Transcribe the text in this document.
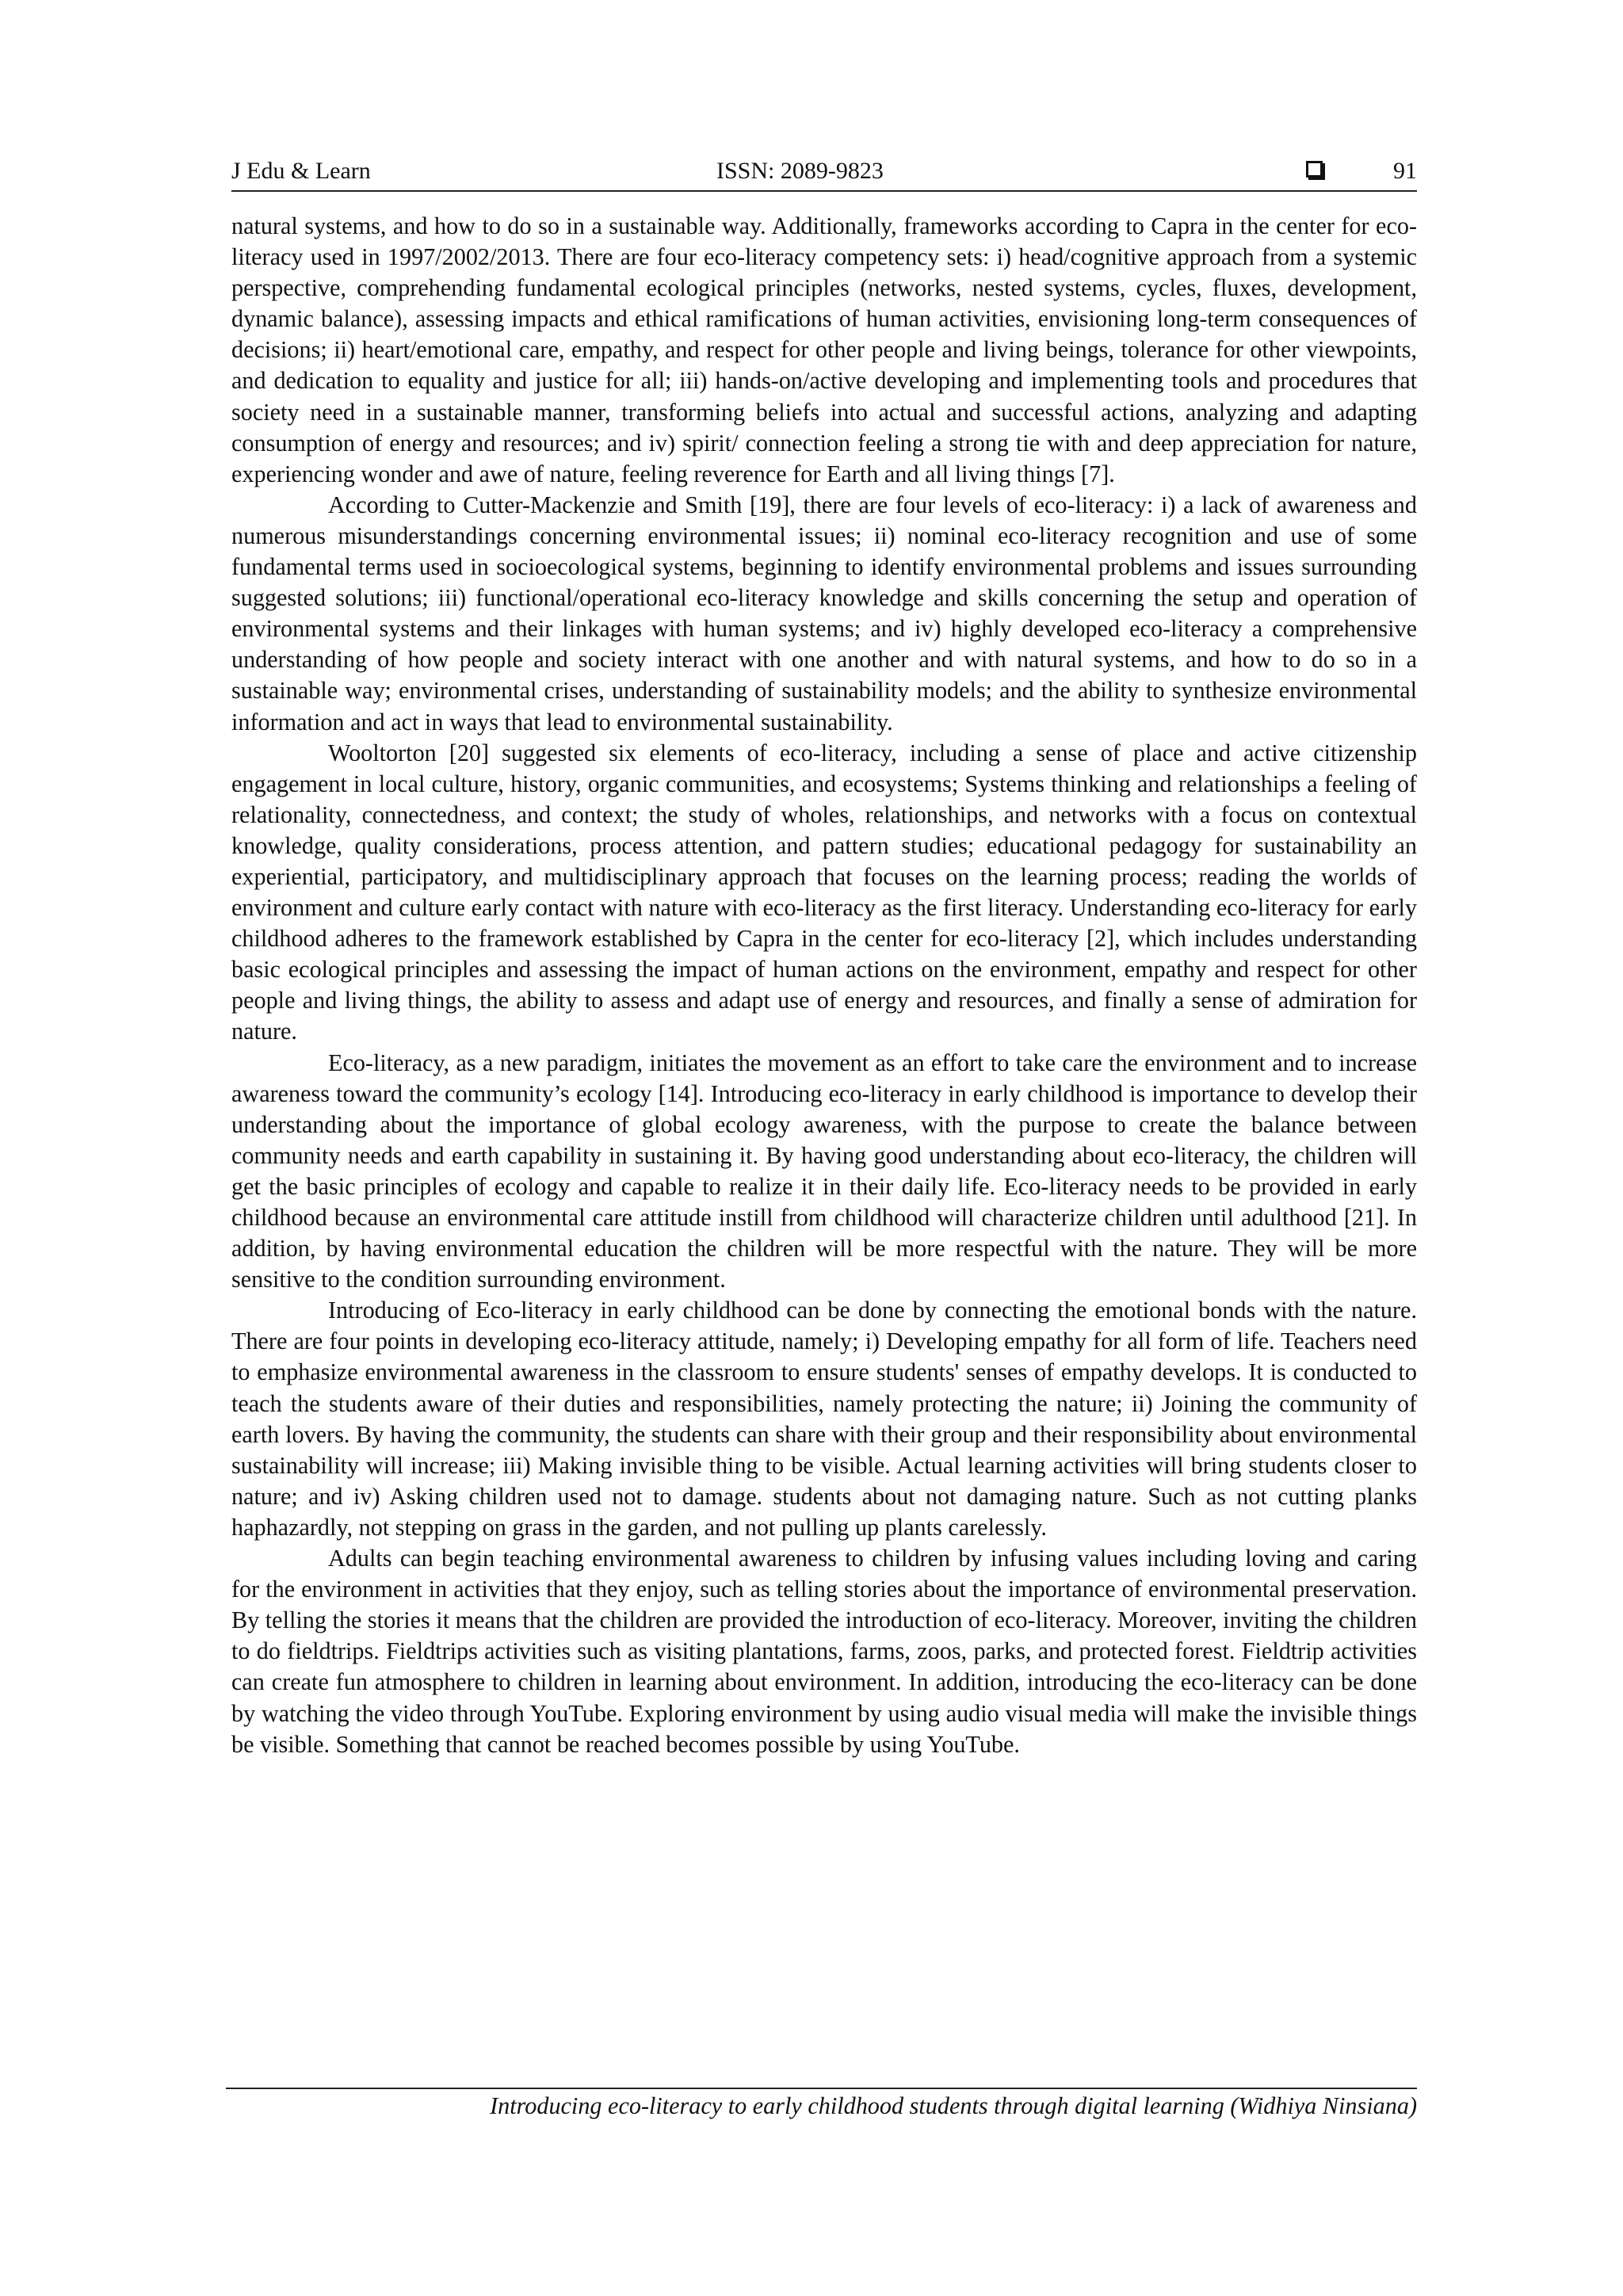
J Edu & Learn	ISSN: 2089-9823	91

natural systems, and how to do so in a sustainable way. Additionally, frameworks according to Capra in the center for eco-literacy used in 1997/2002/2013. There are four eco-literacy competency sets: i) head/cognitive approach from a systemic perspective, comprehending fundamental ecological principles (networks, nested systems, cycles, fluxes, development, dynamic balance), assessing impacts and ethical ramifications of human activities, envisioning long-term consequences of decisions; ii) heart/emotional care, empathy, and respect for other people and living beings, tolerance for other viewpoints, and dedication to equality and justice for all; iii) hands-on/active developing and implementing tools and procedures that society need in a sustainable manner, transforming beliefs into actual and successful actions, analyzing and adapting consumption of energy and resources; and iv) spirit/ connection feeling a strong tie with and deep appreciation for nature, experiencing wonder and awe of nature, feeling reverence for Earth and all living things [7].

According to Cutter-Mackenzie and Smith [19], there are four levels of eco-literacy: i) a lack of awareness and numerous misunderstandings concerning environmental issues; ii) nominal eco-literacy recognition and use of some fundamental terms used in socioecological systems, beginning to identify environmental problems and issues surrounding suggested solutions; iii) functional/operational eco-literacy knowledge and skills concerning the setup and operation of environmental systems and their linkages with human systems; and iv) highly developed eco-literacy a comprehensive understanding of how people and society interact with one another and with natural systems, and how to do so in a sustainable way; environmental crises, understanding of sustainability models; and the ability to synthesize environmental information and act in ways that lead to environmental sustainability.

Wooltorton [20] suggested six elements of eco-literacy, including a sense of place and active citizenship engagement in local culture, history, organic communities, and ecosystems; Systems thinking and relationships a feeling of relationality, connectedness, and context; the study of wholes, relationships, and networks with a focus on contextual knowledge, quality considerations, process attention, and pattern studies; educational pedagogy for sustainability an experiential, participatory, and multidisciplinary approach that focuses on the learning process; reading the worlds of environment and culture early contact with nature with eco-literacy as the first literacy. Understanding eco-literacy for early childhood adheres to the framework established by Capra in the center for eco-literacy [2], which includes understanding basic ecological principles and assessing the impact of human actions on the environment, empathy and respect for other people and living things, the ability to assess and adapt use of energy and resources, and finally a sense of admiration for nature.

Eco-literacy, as a new paradigm, initiates the movement as an effort to take care the environment and to increase awareness toward the community’s ecology [14]. Introducing eco-literacy in early childhood is importance to develop their understanding about the importance of global ecology awareness, with the purpose to create the balance between community needs and earth capability in sustaining it. By having good understanding about eco-literacy, the children will get the basic principles of ecology and capable to realize it in their daily life. Eco-literacy needs to be provided in early childhood because an environmental care attitude instill from childhood will characterize children until adulthood [21]. In addition, by having environmental education the children will be more respectful with the nature. They will be more sensitive to the condition surrounding environment.

Introducing of Eco-literacy in early childhood can be done by connecting the emotional bonds with the nature. There are four points in developing eco-literacy attitude, namely; i) Developing empathy for all form of life. Teachers need to emphasize environmental awareness in the classroom to ensure students' senses of empathy develops. It is conducted to teach the students aware of their duties and responsibilities, namely protecting the nature; ii) Joining the community of earth lovers. By having the community, the students can share with their group and their responsibility about environmental sustainability will increase; iii) Making invisible thing to be visible. Actual learning activities will bring students closer to nature; and iv) Asking children used not to damage. students about not damaging nature. Such as not cutting planks haphazardly, not stepping on grass in the garden, and not pulling up plants carelessly.

Adults can begin teaching environmental awareness to children by infusing values including loving and caring for the environment in activities that they enjoy, such as telling stories about the importance of environmental preservation. By telling the stories it means that the children are provided the introduction of eco-literacy. Moreover, inviting the children to do fieldtrips. Fieldtrips activities such as visiting plantations, farms, zoos, parks, and protected forest. Fieldtrip activities can create fun atmosphere to children in learning about environment. In addition, introducing the eco-literacy can be done by watching the video through YouTube. Exploring environment by using audio visual media will make the invisible things be visible. Something that cannot be reached becomes possible by using YouTube.

Introducing eco-literacy to early childhood students through digital learning (Widhiya Ninsiana)
